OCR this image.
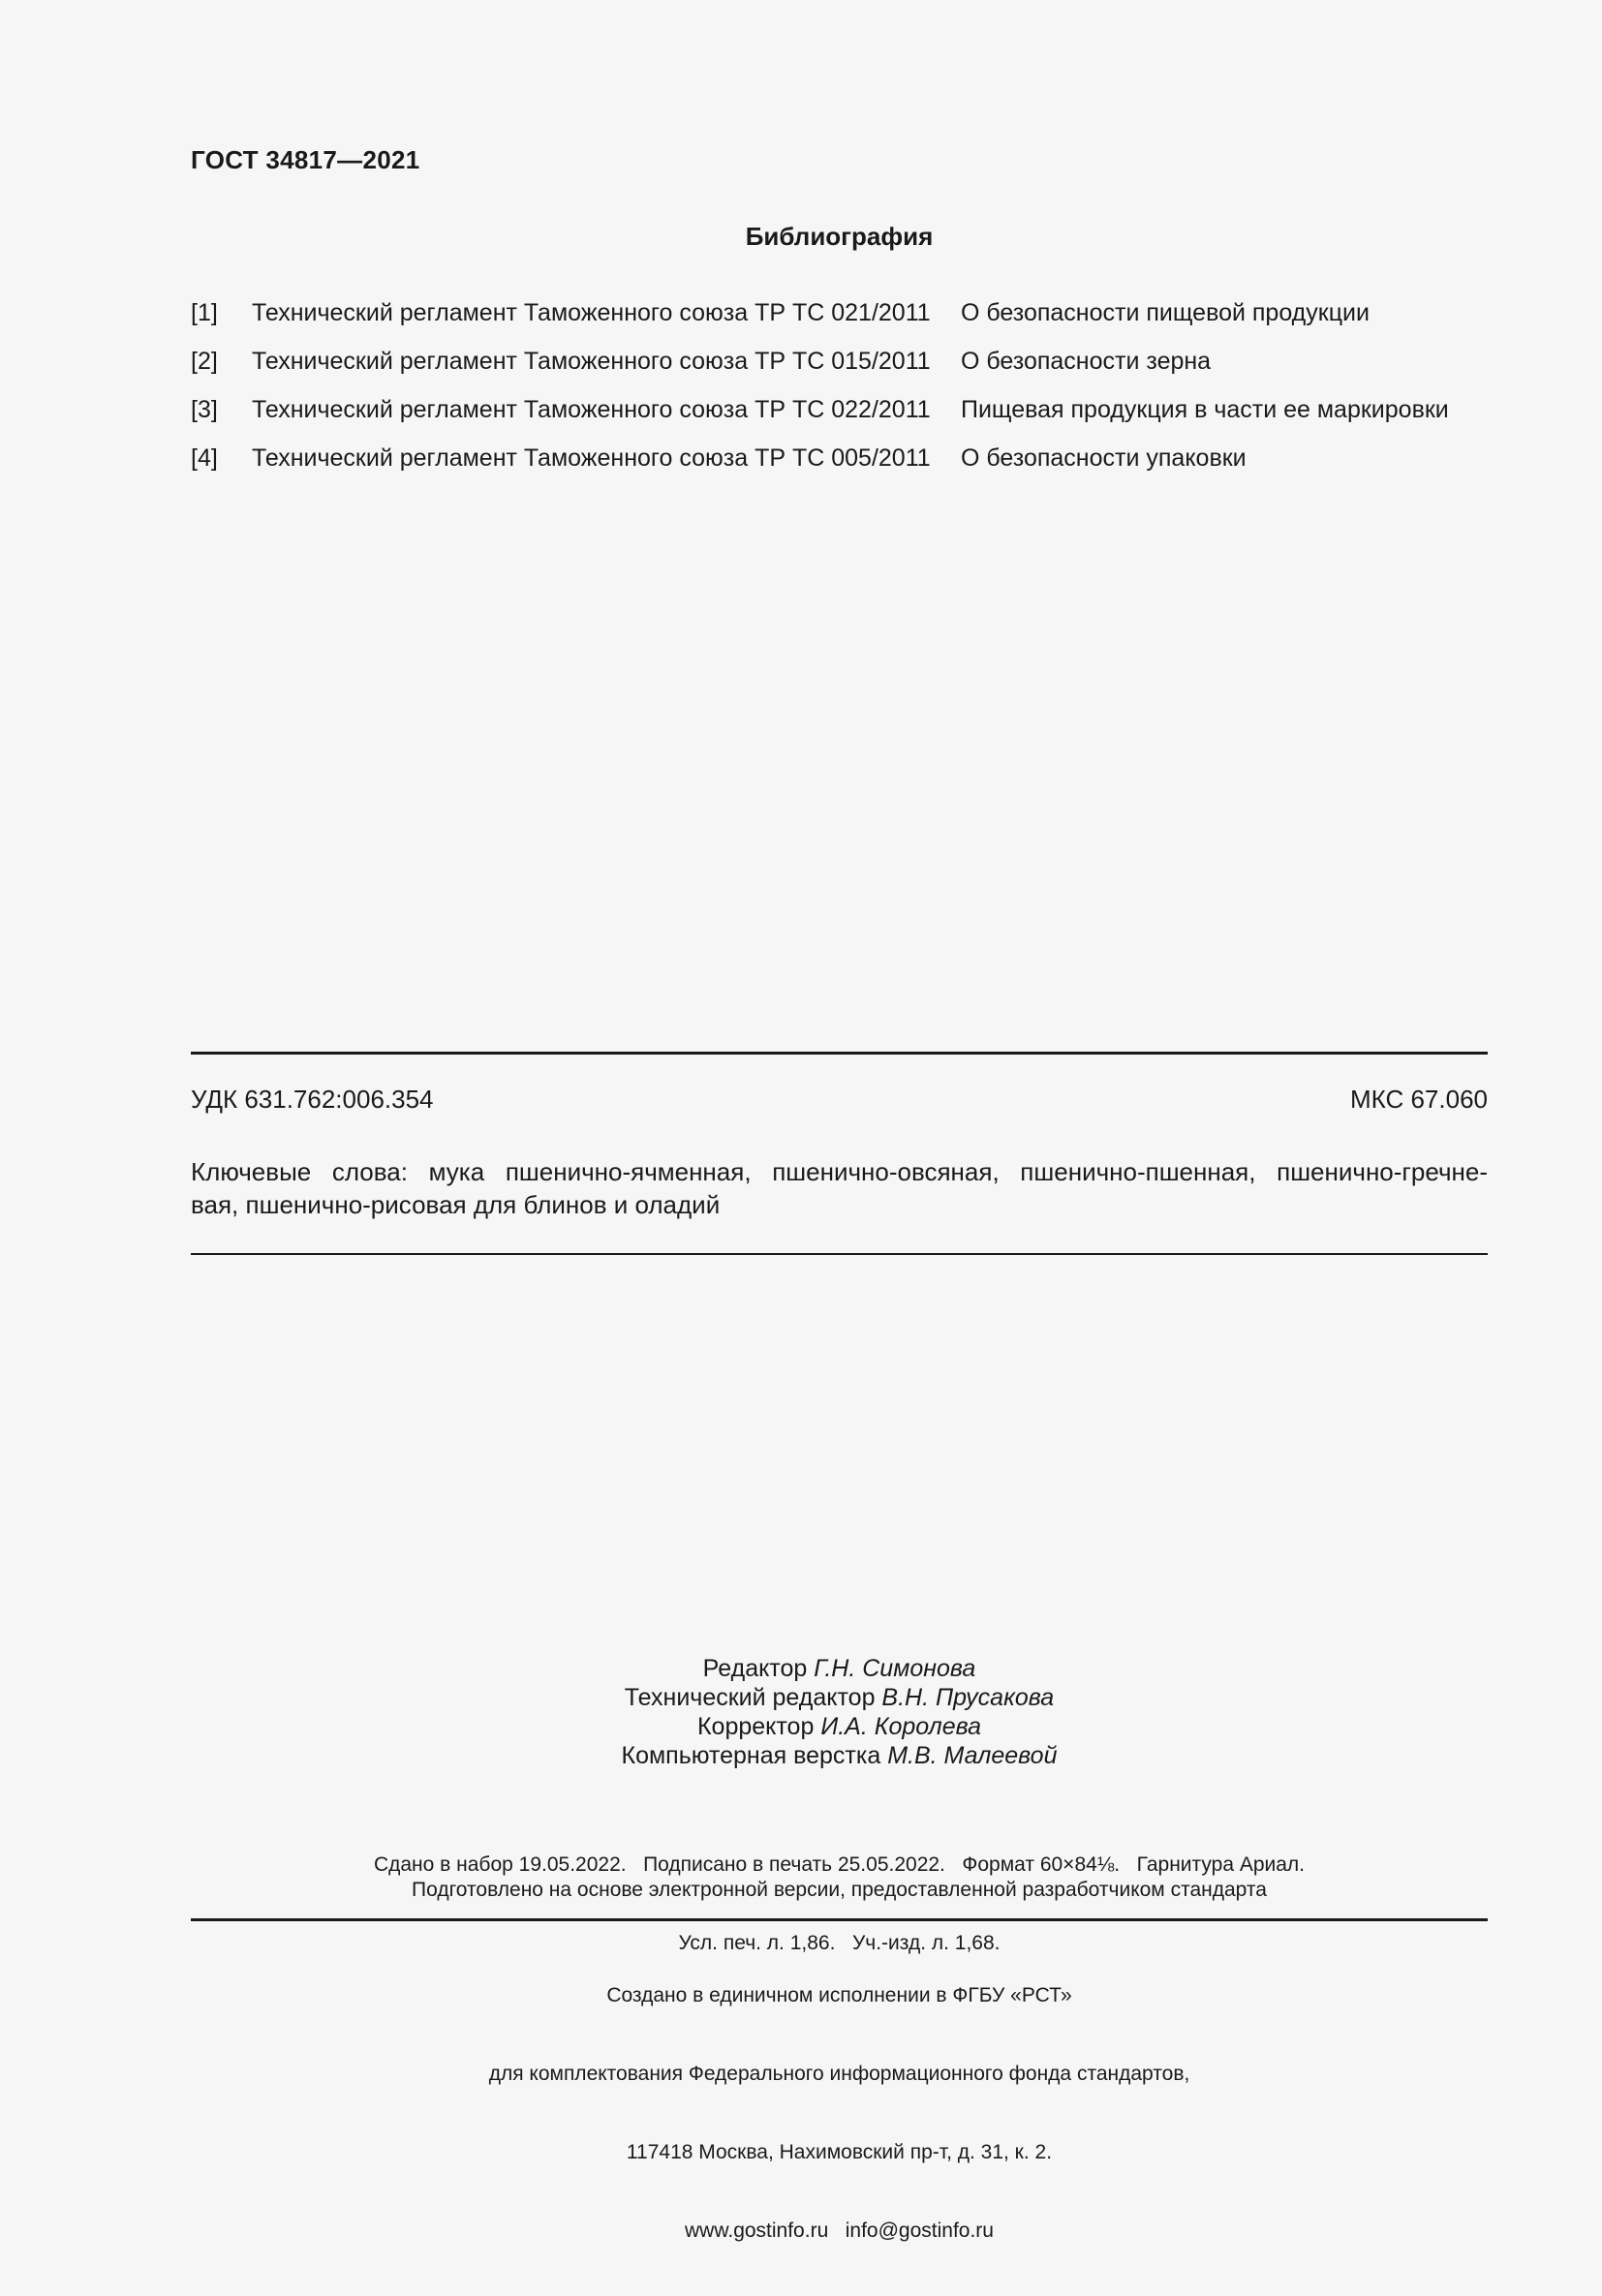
ГОСТ 34817—2021
Библиография
[1] Технический регламент Таможенного союза ТР ТС 021/2011 О безопасности пищевой продукции
[2] Технический регламент Таможенного союза ТР ТС 015/2011 О безопасности зерна
[3] Технический регламент Таможенного союза ТР ТС 022/2011 Пищевая продукция в части ее маркировки
[4] Технический регламент Таможенного союза ТР ТС 005/2011 О безопасности упаковки
УДК 631.762:006.354	МКС 67.060
Ключевые слова: мука пшенично-ячменная, пшенично-овсяная, пшенично-пшенная, пшенично-гречне-
вая, пшенично-рисовая для блинов и оладий
Редактор Г.Н. Симонова
Технический редактор В.Н. Прусакова
Корректор И.А. Королева
Компьютерная верстка М.В. Малеевой

Сдано в набор 19.05.2022.   Подписано в печать 25.05.2022.   Формат 60×84⅛.   Гарнитура Ариал.

Усл. печ. л. 1,86.   Уч.-изд. л. 1,68.

Подготовлено на основе электронной версии, предоставленной разработчиком стандарта

Создано в единичном исполнении в ФГБУ «РСТ»

для комплектования Федерального информационного фонда стандартов,

117418 Москва, Нахимовский пр-т, д. 31, к. 2.

www.gostinfo.ru   info@gostinfo.ru
